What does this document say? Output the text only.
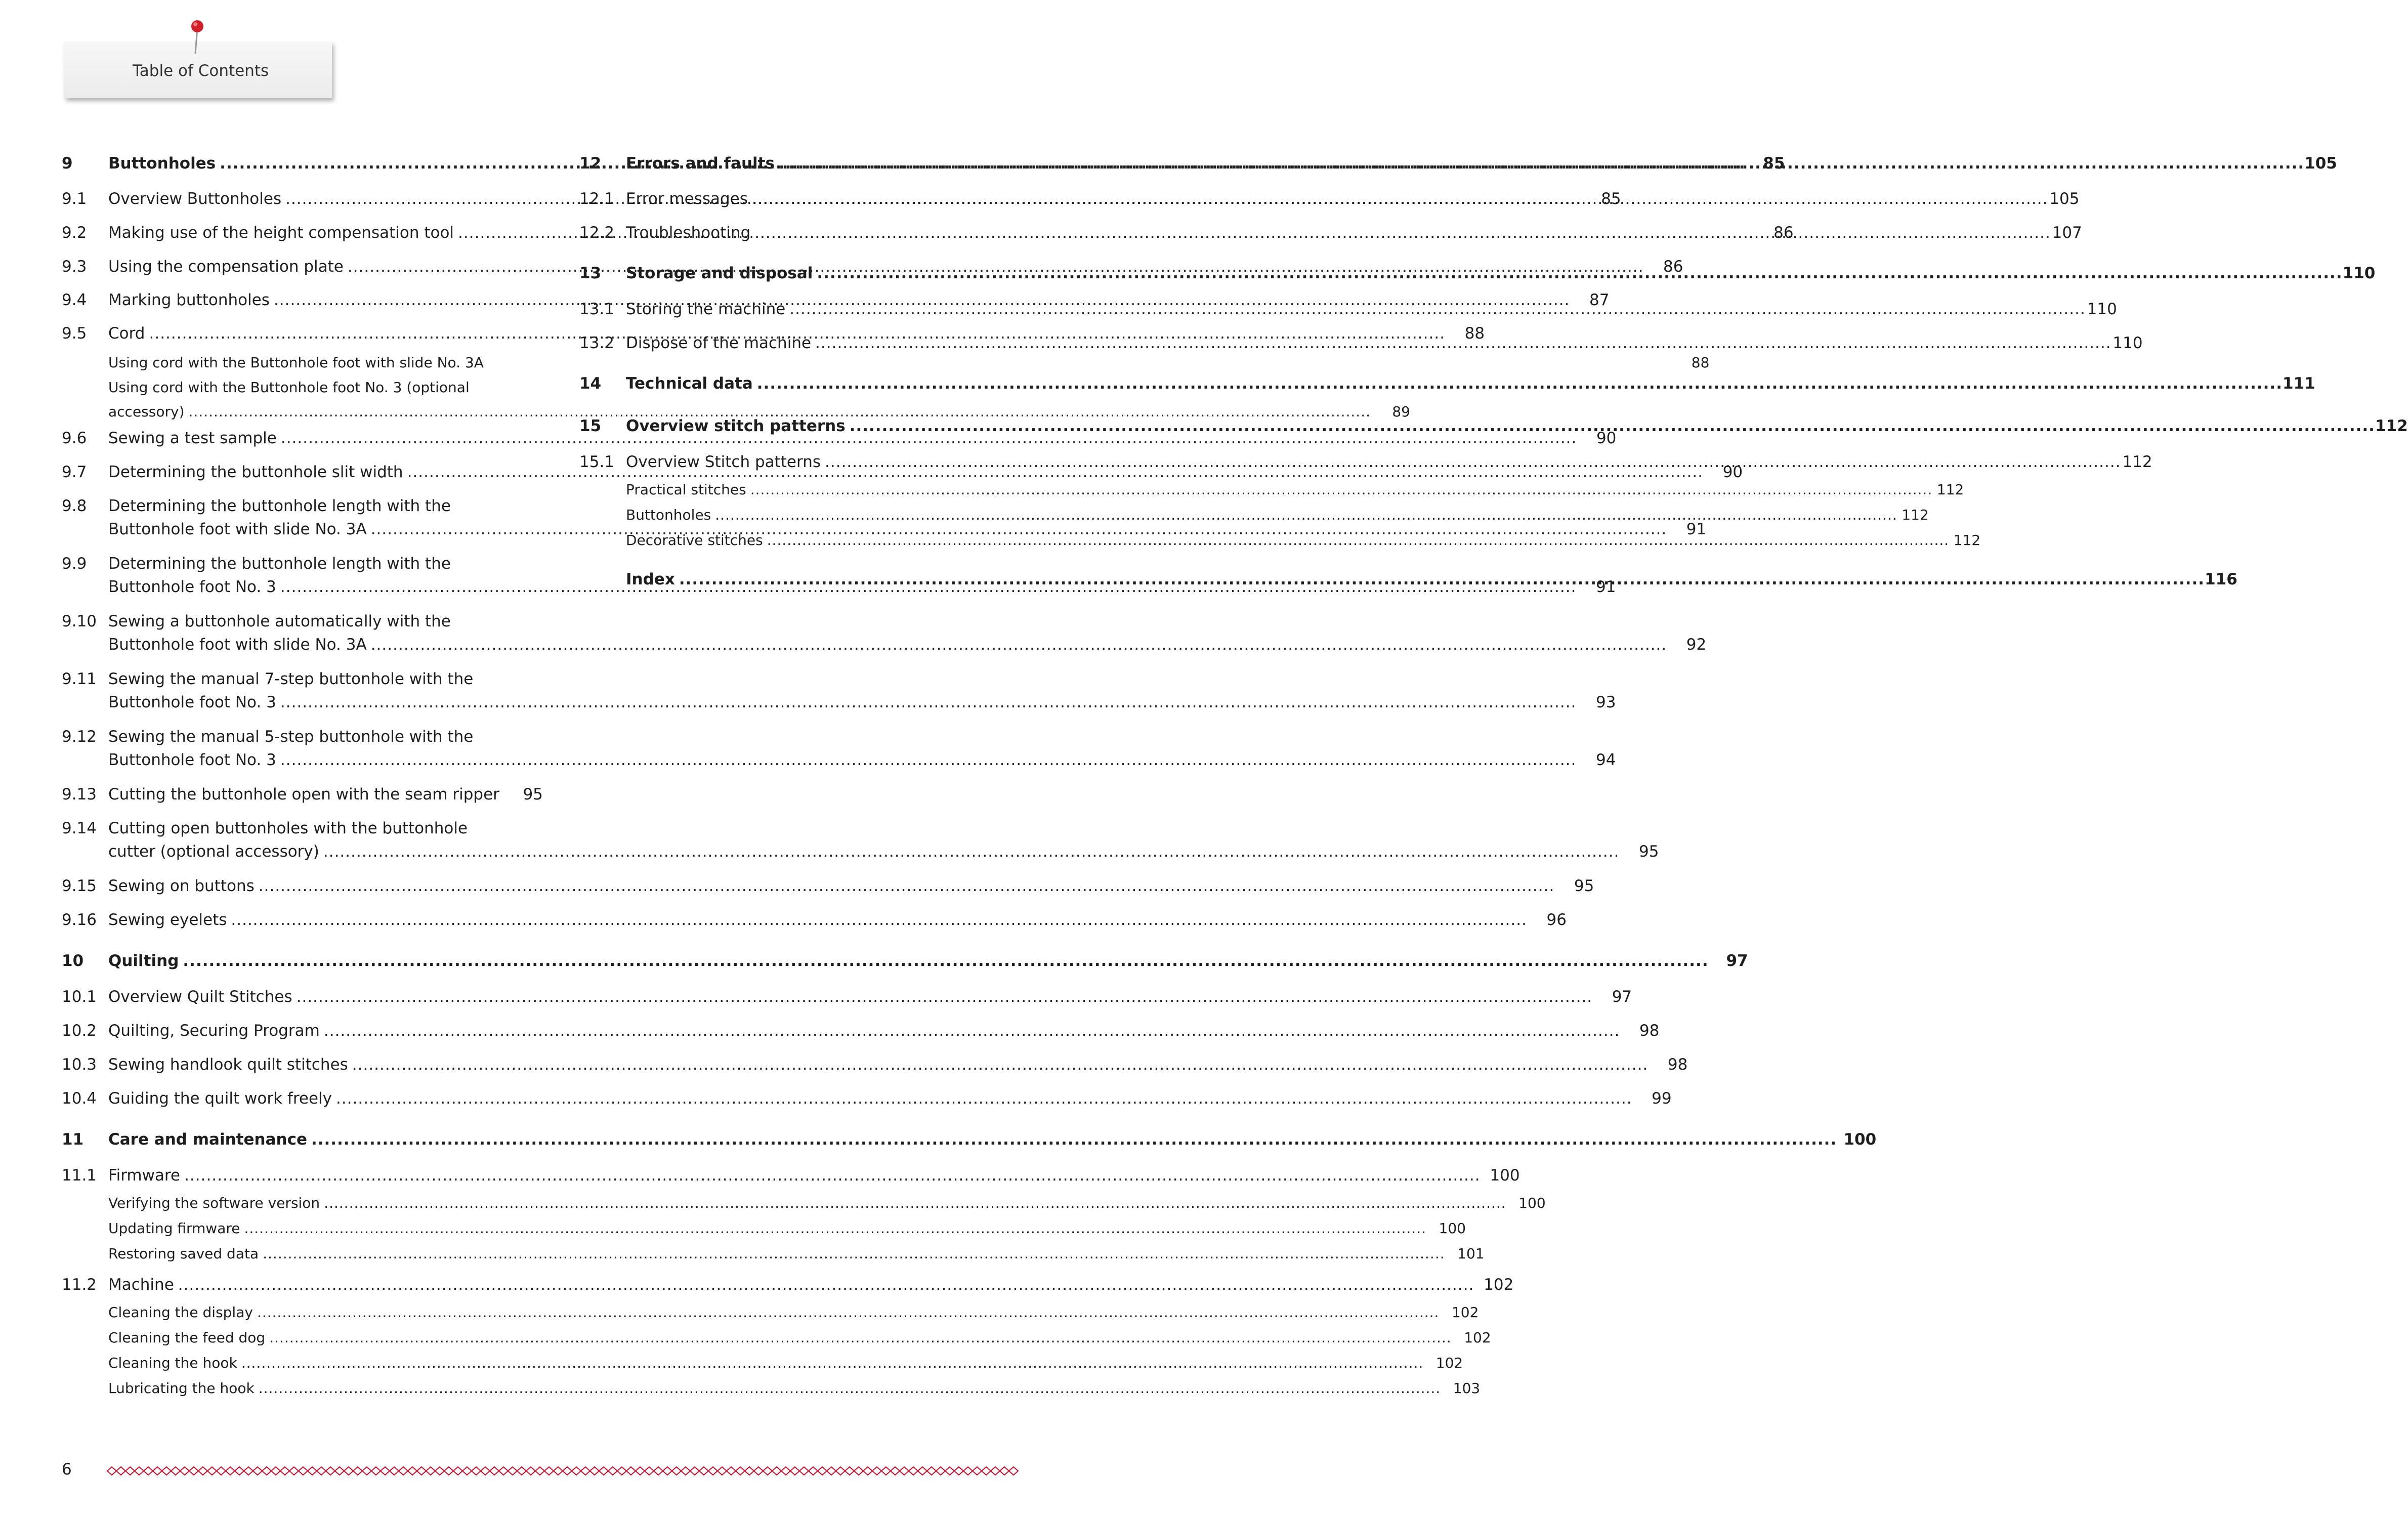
Table of Contents
9	Buttonholes .....	85
9.1	Overview Buttonholes .....	85
9.2	Making use of the height compensation tool .....	86
9.3	Using the compensation plate .....	86
9.4	Marking buttonholes .....	87
9.5	Cord .....	88
Using cord with the Buttonhole foot with slide No. 3A	88
Using cord with the Buttonhole foot No. 3 (optional
accessory) .....	89
9.6	Sewing a test sample .....	90
9.7	Determining the buttonhole slit width .....	90
9.8	Determining the buttonhole length with the
Buttonhole foot with slide No. 3A .....	91
9.9	Determining the buttonhole length with the
Buttonhole foot No. 3 .....	91
9.10 Sewing a buttonhole automatically with the
Buttonhole foot with slide No. 3A .....	92
9.11 Sewing the manual 7-step buttonhole with the
Buttonhole foot No. 3 .....	93
9.12 Sewing the manual 5-step buttonhole with the
Buttonhole foot No. 3 .....	94
9.13 Cutting the buttonhole open with the seam ripper	95
9.14 Cutting open buttonholes with the buttonhole
cutter (optional accessory) .....	95
9.15 Sewing on buttons .....	95
9.16 Sewing eyelets .....	96
10	Quilting .....	97
10.1 Overview Quilt Stitches .....	97
10.2 Quilting, Securing Program .....	98
10.3 Sewing handlook quilt stitches .....	98
10.4 Guiding the quilt work freely .....	99
11	Care and maintenance .....	100
11.1 Firmware .....	100
Verifying the software version .....	100
Updating firmware .....	100
Restoring saved data .....	101
11.2 Machine .....	102
Cleaning the display .....	102
Cleaning the feed dog .....	102
Cleaning the hook .....	102
Lubricating the hook .....	103
12	Errors and faults .....	105
12.1 Error messages .....	105
12.2 Troubleshooting .....	107
13	Storage and disposal .....	110
13.1 Storing the machine .....	110
13.2 Dispose of the machine .....	110
14	Technical data .....	111
15	Overview stitch patterns .....	112
15.1 Overview Stitch patterns .....	112
Practical stitches .....	112
Buttonholes .....	112
Decorative stitches .....	112
Index .....	116
6
